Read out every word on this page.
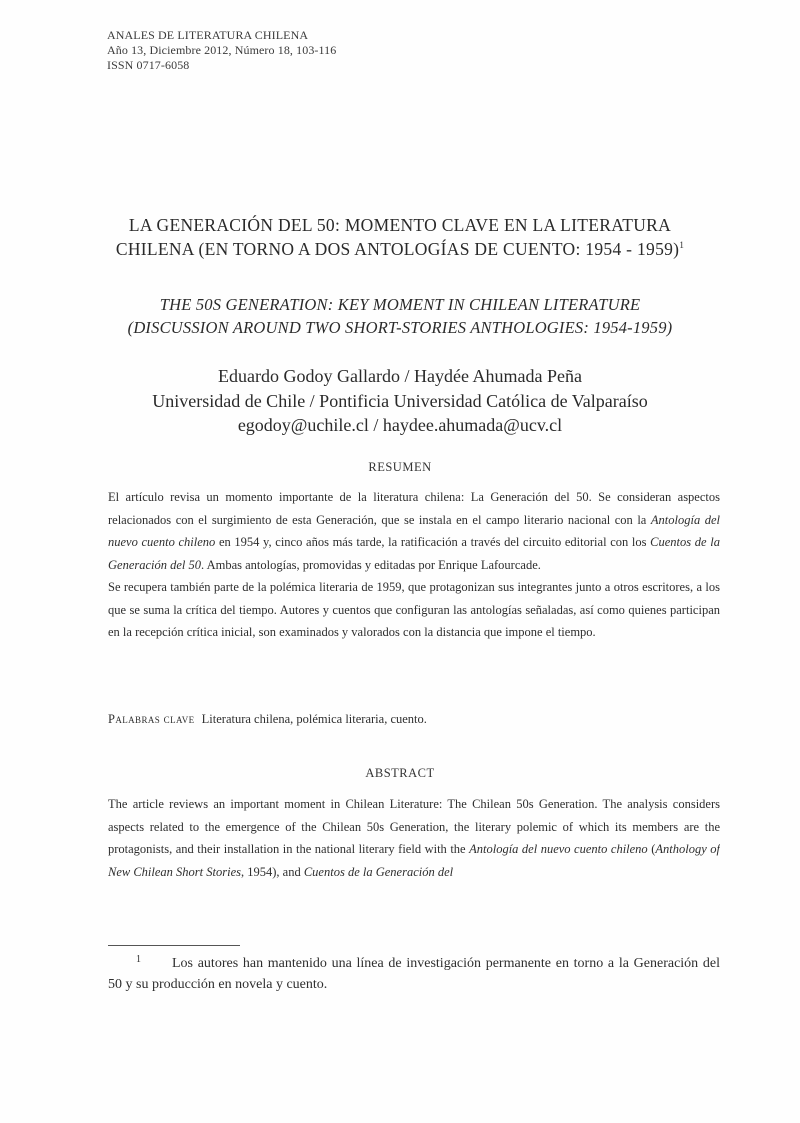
ANALES DE LITERATURA CHILENA
Año 13, Diciembre 2012, Número 18, 103-116
ISSN 0717-6058
LA GENERACIÓN DEL 50: MOMENTO CLAVE EN LA LITERATURA
CHILENA (EN TORNO A DOS ANTOLOGÍAS DE CUENTO: 1954 - 1959)$^1$
THE 50S GENERATION: KEY MOMENT IN CHILEAN LITERATURE
(DISCUSSION AROUND TWO SHORT-STORIES ANTHOLOGIES: 1954-1959)
Eduardo Godoy Gallardo / Haydée Ahumada Peña
Universidad de Chile / Pontificia Universidad Católica de Valparaíso
egodoy@uchile.cl / haydee.ahumada@ucv.cl
RESUMEN

El artículo revisa un momento importante de la literatura chilena: La Generación del 50. Se consideran aspectos relacionados con el surgimiento de esta Generación, que se instala en el campo literario nacional con la Antología del nuevo cuento chileno en 1954 y, cinco años más tarde, la ratificación a través del circuito editorial con los Cuentos de la Generación del 50. Ambas antologías, promovidas y editadas por Enrique Lafourcade.

Se recupera también parte de la polémica literaria de 1959, que protagonizan sus integrantes junto a otros escritores, a los que se suma la crítica del tiempo. Autores y cuentos que configuran las antologías señaladas, así como quienes participan en la recepción crítica inicial, son examinados y valorados con la distancia que impone el tiempo.

Palabras clave Literatura chilena, polémica literaria, cuento.
ABSTRACT

The article reviews an important moment in Chilean Literature: The Chilean 50s Generation. The analysis considers aspects related to the emergence of the Chilean 50s Generation, the literary polemic of which its members are the protagonists, and their installation in the national literary field with the Antología del nuevo cuento chileno (Anthology of New Chilean Short Stories, 1954), and Cuentos de la Generación del

1 Los autores han mantenido una línea de investigación permanente en torno a la Generación del 50 y su producción en novela y cuento.
